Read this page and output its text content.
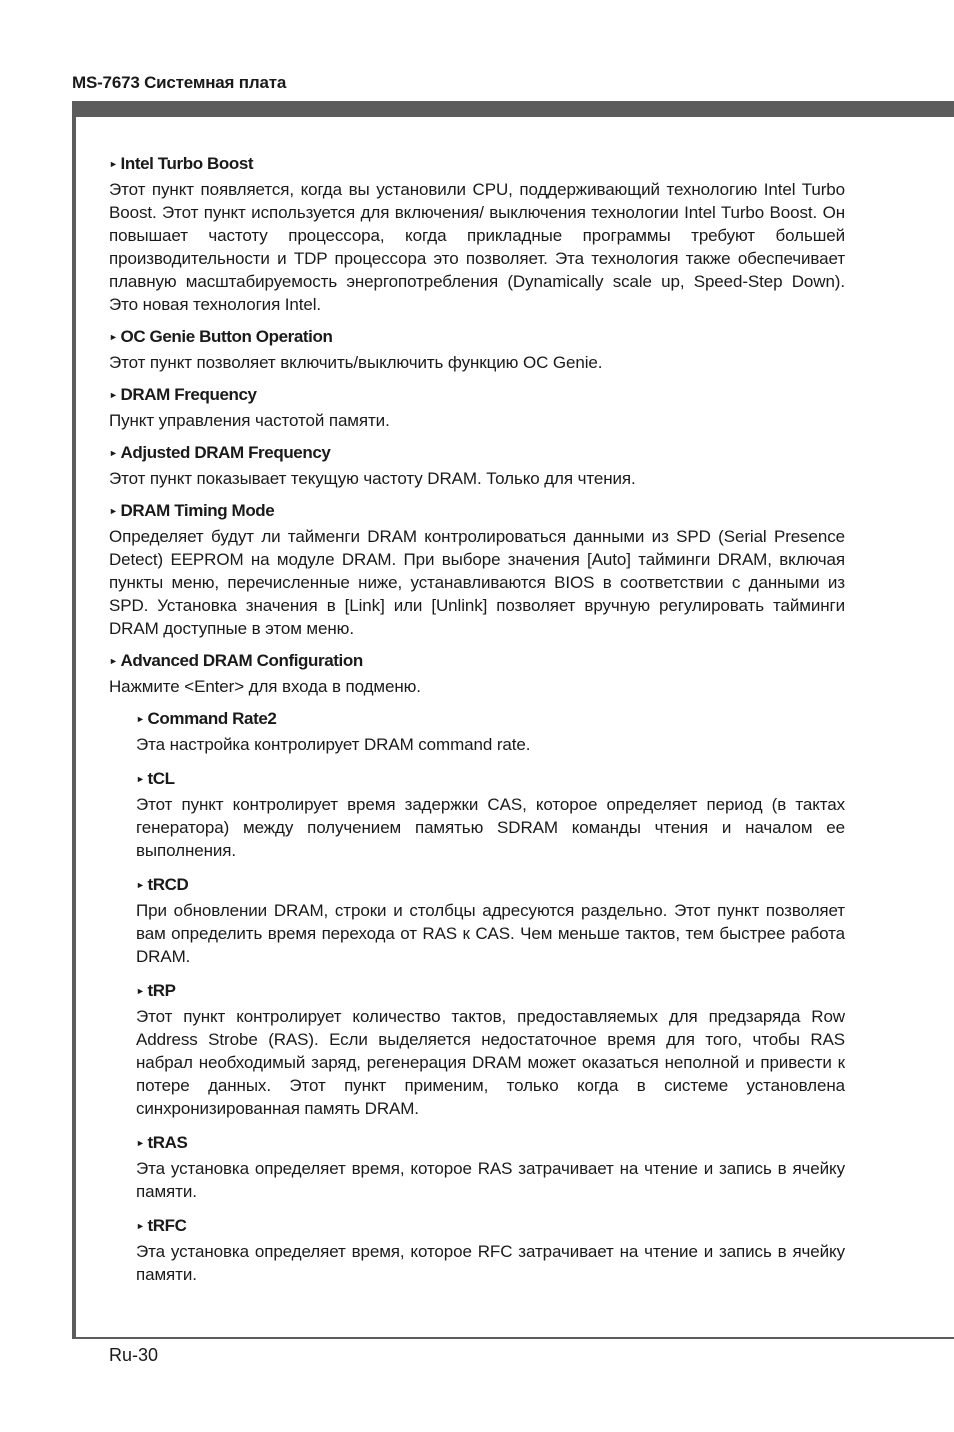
MS-7673 Системная плата
► Intel Turbo Boost
Этот пункт появляется, когда вы установили CPU, поддерживающий технологию Intel Turbo Boost. Этот пункт используется для включения/ выключения технологии Intel Turbo Boost. Он повышает частоту процессора, когда прикладные программы требуют большей производительности и TDP процессора это позволяет. Эта технология также обеспечивает плавную масштабируемость энергопотребления (Dynamically scale up, Speed-Step Down). Это новая технология Intel.
► OC Genie Button Operation
Этот пункт позволяет включить/выключить функцию OC Genie.
► DRAM Frequency
Пункт управления частотой памяти.
► Adjusted DRAM Frequency
Этот пункт показывает текущую частоту DRAM. Только для чтения.
► DRAM Timing Mode
Определяет будут ли тайменги DRAM контролироваться данными из SPD (Serial Presence Detect) EEPROM на модуле DRAM. При выборе значения [Auto] тайминги DRAM, включая пункты меню, перечисленные ниже, устанавливаются BIOS в соответствии с данными из SPD. Установка значения в [Link] или [Unlink] позволяет вручную регулировать тайминги DRAM доступные в этом меню.
► Advanced DRAM Configuration
Нажмите <Enter> для входа в подменю.
► Command Rate2
Эта настройка контролирует DRAM command rate.
► tCL
Этот пункт контролирует время задержки CAS, которое определяет период (в тактах генератора) между получением памятью SDRAM команды чтения и началом ее выполнения.
► tRCD
При обновлении DRAM, строки и столбцы адресуются раздельно. Этот пункт позволяет вам определить время перехода от RAS к CAS. Чем меньше тактов, тем быстрее работа DRAM.
► tRP
Этот пункт контролирует количество тактов, предоставляемых для предзаряда Row Address Strobe (RAS). Если выделяется недостаточное время для того, чтобы RAS набрал необходимый заряд, регенерация DRAM может оказаться неполной и привести к потере данных. Этот пункт применим, только когда в системе установлена синхронизированная память DRAM.
► tRAS
Эта установка определяет время, которое RAS затрачивает на чтение и запись в ячейку памяти.
► tRFC
Эта установка определяет время, которое RFC затрачивает на чтение и запись в ячейку памяти.
Ru-30
